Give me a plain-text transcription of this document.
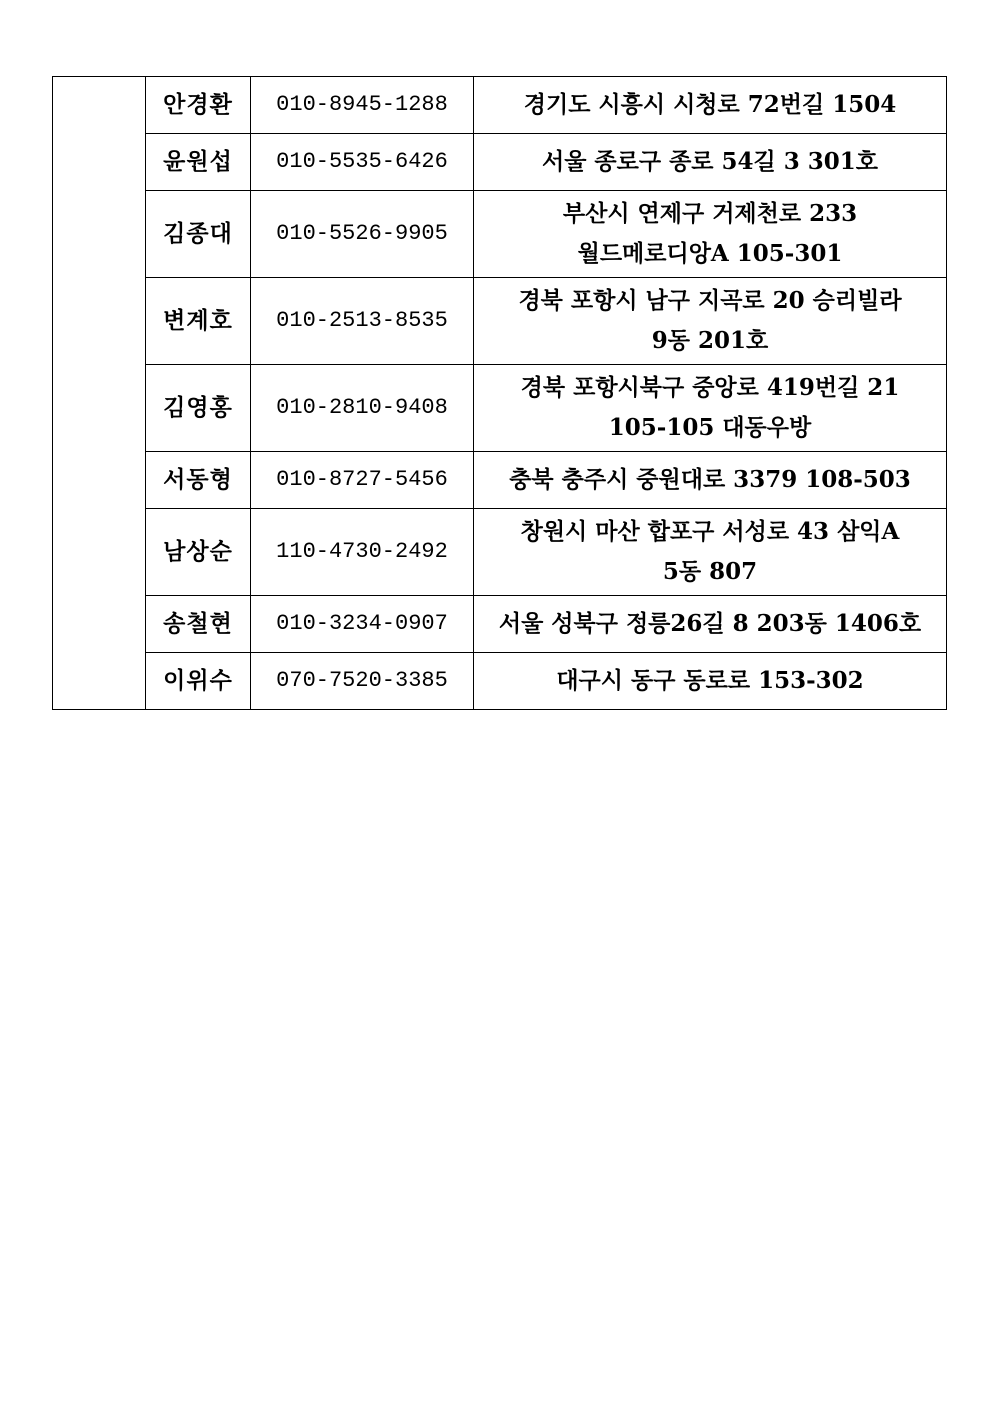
	안경환	010-8945-1288	경기도 시흥시 시청로 72번길 1504

	윤원섭	010-5535-6426	서울 종로구 종로 54길 3 301호

	김종대	010-5526-9905	부산시 연제구 거제천로 233
월드메로디앙A 105-301

	변계호	010-2513-8535	경북 포항시 남구 지곡로 20 승리빌라
9동 201호

	김영홍	010-2810-9408	경북 포항시북구 중앙로 419번길 21
105-105 대동우방

	서동형	010-8727-5456	충북 충주시 중원대로 3379 108-503

	남상순	110-4730-2492	창원시 마산 합포구 서성로 43 삼익A
5동 807

	송철현	010-3234-0907	서울 성북구 정릉26길 8 203동 1406호

	이위수	070-7520-3385	대구시 동구 동로로 153-302
